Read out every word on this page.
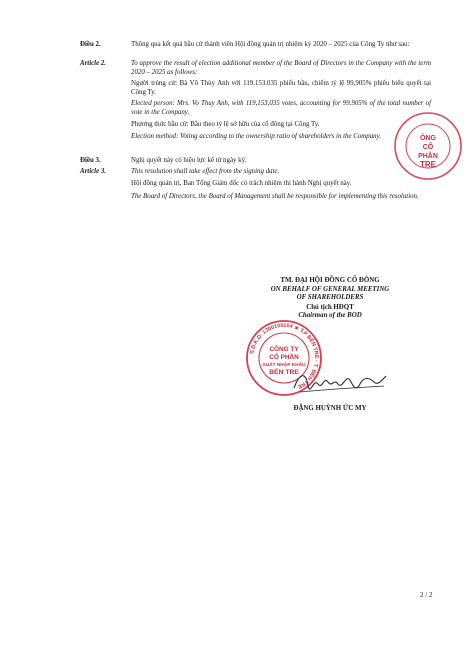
Điều 2.	Thông qua kết quả bầu cử thành viên Hội đồng quản trị nhiệm kỳ 2020 – 2025 của Công Ty như sau:
Article 2.	To approve the result of election additional member of the Board of Directors in the Company with the term 2020 – 2025 as follows:
Người trúng cử: Bà Võ Thùy Anh với 119.153.035 phiếu bầu, chiếm tỷ lệ 99,905% phiếu biểu quyết tại Công Ty.
Elected person: Mrs. Vo Thuy Anh, with 119,153,035 votes, accounting for 99.905% of the total number of vote in the Company.
Phương thức bầu cử: Bầu theo tỷ lệ sở hữu của cổ đông tại Công Ty.
Election method: Voting according to the ownership ratio of shareholders in the Company.
Điều 3.	Nghị quyết này có hiệu lực kể từ ngày ký.
Article 3.	This resolution shall take effect from the signing date.
Hội đồng quản trị, Ban Tổng Giám đốc có trách nhiệm thi hành Nghị quyết này.
The Board of Directors, the Board of Management shall be responsible for implementing this resolution.
ÔNG
CỔ
PHẦN
TRE
TM. ĐẠI HỘI ĐỒNG CỔ ĐÔNG
ON BEHALF OF GENERAL MEETING
OF SHAREHOLDERS
Chủ tịch HĐQT
Chairman of the BOD
S.Đ.K.D: 1300100104 ★ T.P BẾN TRE - T. BẾN TRE
CÔNG TY
CỔ PHẦN
XUẤT NHẬP KHẨU
BẾN TRE
ĐẶNG HUỲNH ỨC MY
2 / 2
